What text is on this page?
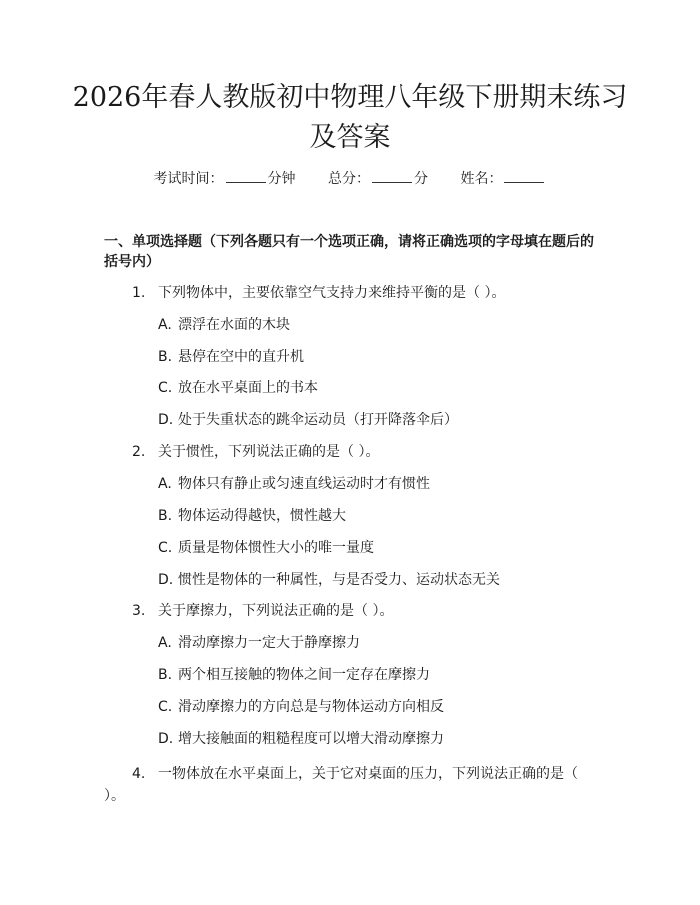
2026年春人教版初中物理八年级下册期末练习及答案
考试时间：	分钟 总分：	分 姓名：
一、单项选择题（下列各题只有一个选项正确，请将正确选项的字母填在题后的括号内）
1. 下列物体中，主要依靠空气支持力来维持平衡的是（ ）。
A. 漂浮在水面的木块
B. 悬停在空中的直升机
C. 放在水平桌面上的书本
D. 处于失重状态的跳伞运动员（打开降落伞后）
2. 关于惯性，下列说法正确的是（ ）。
A. 物体只有静止或匀速直线运动时才有惯性
B. 物体运动得越快，惯性越大
C. 质量是物体惯性大小的唯一量度
D. 惯性是物体的一种属性，与是否受力、运动状态无关
3. 关于摩擦力，下列说法正确的是（ ）。
A. 滑动摩擦力一定大于静摩擦力
B. 两个相互接触的物体之间一定存在摩擦力
C. 滑动摩擦力的方向总是与物体运动方向相反
D. 增大接触面的粗糙程度可以增大滑动摩擦力
4. 一物体放在水平桌面上，关于它对桌面的压力，下列说法正确的是（ ）。
